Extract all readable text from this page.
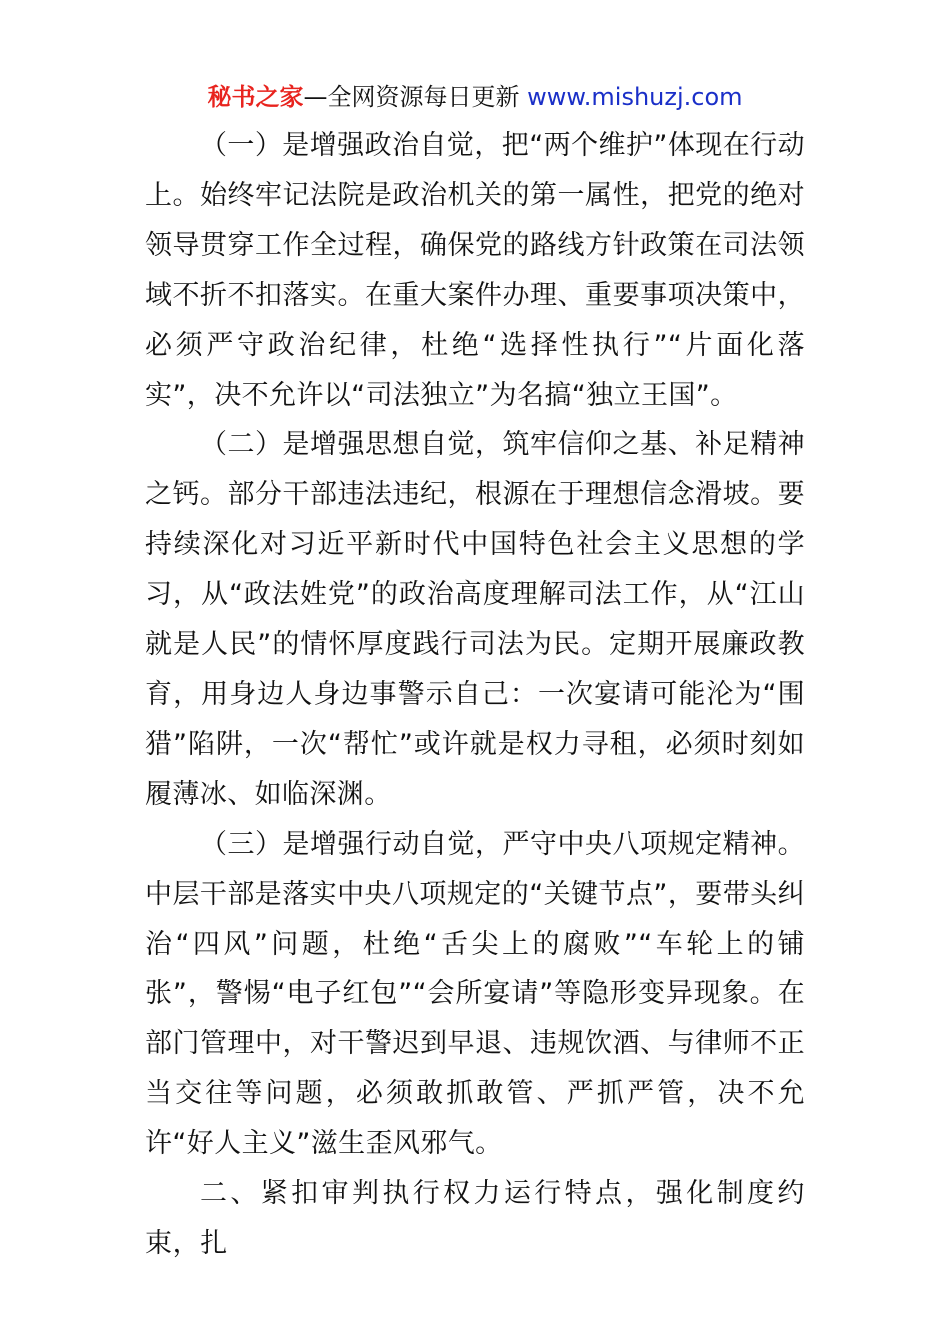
秘书之家—全网资源每日更新 www.mishuzj.com

（一）是增强政治自觉，把“两个维护”体现在行动上。始终牢记法院是政治机关的第一属性，把党的绝对领导贯穿工作全过程，确保党的路线方针政策在司法领域不折不扣落实。在重大案件办理、重要事项决策中，必须严守政治纪律，杜绝“选择性执行”“片面化落实”，决不允许以“司法独立”为名搞“独立王国”。

（二）是增强思想自觉，筑牢信仰之基、补足精神之钙。部分干部违法违纪，根源在于理想信念滑坡。要持续深化对习近平新时代中国特色社会主义思想的学习，从“政法姓党”的政治高度理解司法工作，从“江山就是人民”的情怀厚度践行司法为民。定期开展廉政教育，用身边人身边事警示自己：一次宴请可能沦为“围猎”陷阱，一次“帮忙”或许就是权力寻租，必须时刻如履薄冰、如临深渊。

（三）是增强行动自觉，严守中央八项规定精神。中层干部是落实中央八项规定的“关键节点”，要带头纠治“四风”问题，杜绝“舌尖上的腐败”“车轮上的铺张”，警惕“电子红包”“会所宴请”等隐形变异现象。在部门管理中，对干警迟到早退、违规饮酒、与律师不正当交往等问题，必须敢抓敢管、严抓严管，决不允许“好人主义”滋生歪风邪气。

二、紧扣审判执行权力运行特点，强化制度约束，扎
